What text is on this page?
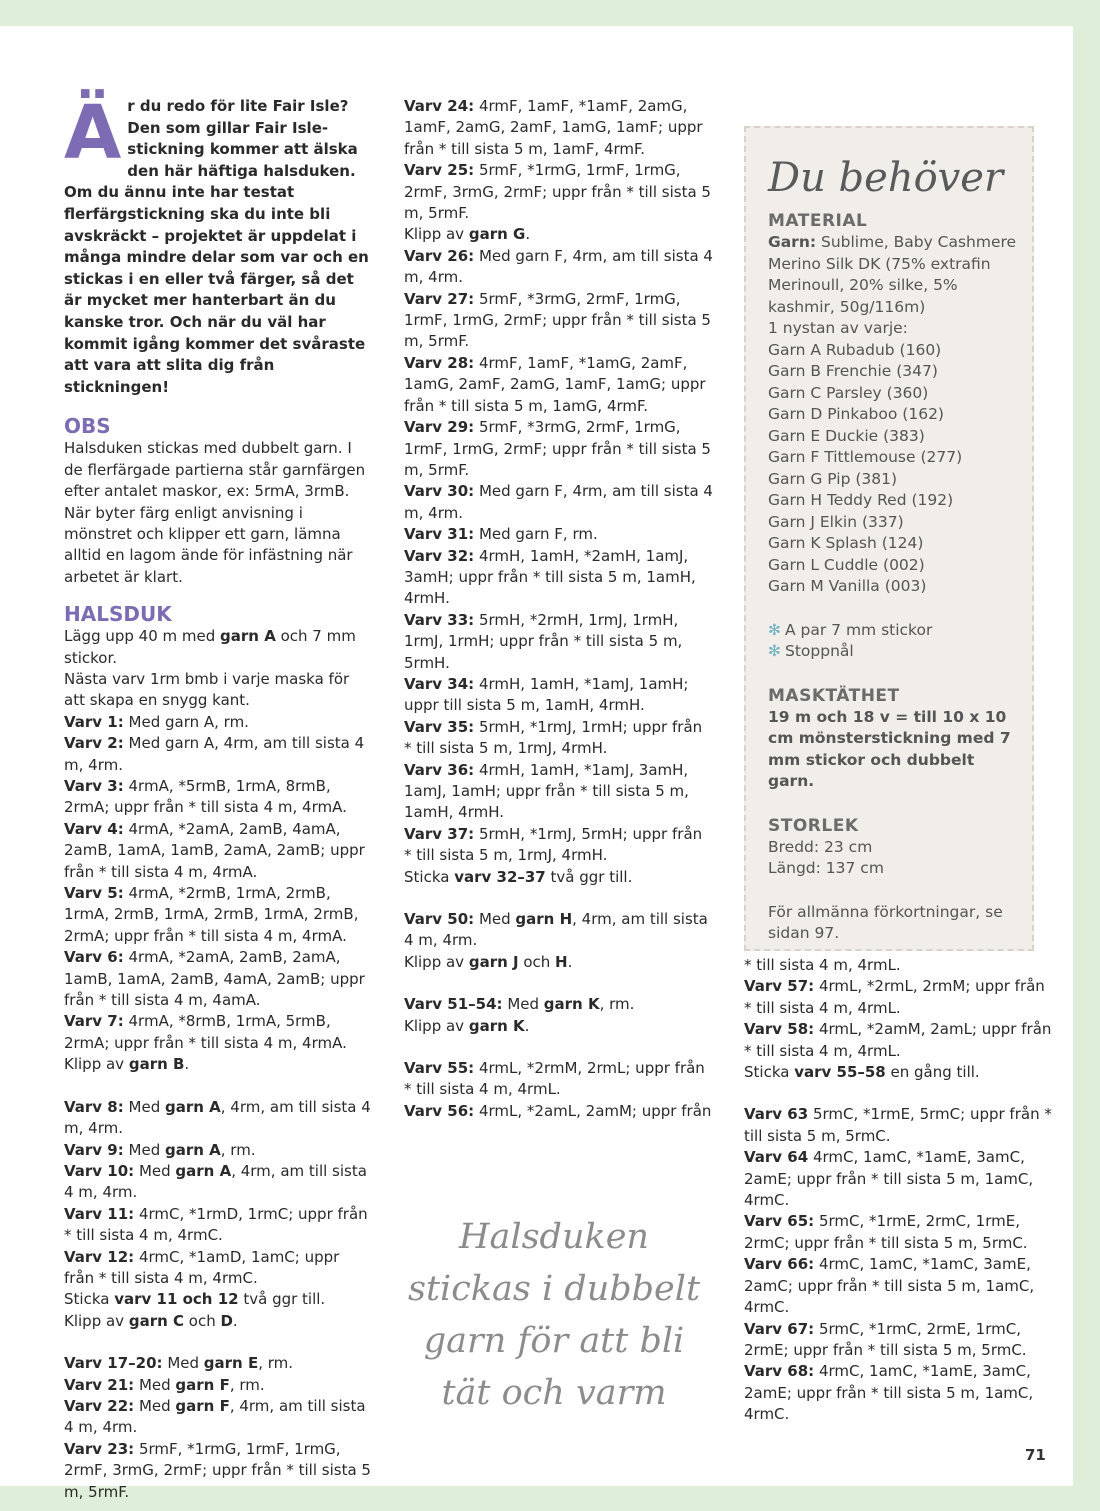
Är du redo för lite Fair Isle? Den som gillar Fair Isle-stickning kommer att älska den här häftiga halsduken. Om du ännu inte har testat flerfärgstickning ska du inte bli avskräckt – projektet är uppdelat i många mindre delar som var och en stickas i en eller två färger, så det är mycket mer hanterbart än du kanske tror. Och när du väl har kommit igång kommer det svåraste att vara att slita dig från stickningen!

OBS

Halsduken stickas med dubbelt garn. I de flerfärgade partierna står garnfärgen efter antalet maskor, ex: 5rmA, 3rmB.

När byter färg enligt anvisning i mönstret och klipper ett garn, lämna alltid en lagom ände för infästning när arbetet är klart.

HALSDUK

Lägg upp 40 m med garn A och 7 mm stickor.

Nästa varv 1rm bmb i varje maska för att skapa en snygg kant.

Varv 1: Med garn A, rm.

Varv 2: Med garn A, 4rm, am till sista 4 m, 4rm.

Varv 3: 4rmA, *5rmB, 1rmA, 8rmB, 2rmA; uppr från * till sista 4 m, 4rmA.

Varv 4: 4rmA, *2amA, 2amB, 4amA, 2amB, 1amA, 1amB, 2amA, 2amB; uppr från * till sista 4 m, 4rmA.

Varv 5: 4rmA, *2rmB, 1rmA, 2rmB, 1rmA, 2rmB, 1rmA, 2rmB, 1rmA, 2rmB, 2rmA; uppr från * till sista 4 m, 4rmA.

Varv 6: 4rmA, *2amA, 2amB, 2amA, 1amB, 1amA, 2amB, 4amA, 2amB; uppr från * till sista 4 m, 4amA.

Varv 7: 4rmA, *8rmB, 1rmA, 5rmB, 2rmA; uppr från * till sista 4 m, 4rmA.

Klipp av garn B.

Varv 8: Med garn A, 4rm, am till sista 4 m, 4rm.

Varv 9: Med garn A, rm.

Varv 10: Med garn A, 4rm, am till sista 4 m, 4rm.

Varv 11: 4rmC, *1rmD, 1rmC; uppr från * till sista 4 m, 4rmC.

Varv 12: 4rmC, *1amD, 1amC; uppr från * till sista 4 m, 4rmC.

Sticka varv 11 och 12 två ggr till.

Klipp av garn C och D.

Varv 17–20: Med garn E, rm.

Varv 21: Med garn F, rm.

Varv 22: Med garn F, 4rm, am till sista 4 m, 4rm.

Varv 23: 5rmF, *1rmG, 1rmF, 1rmG, 2rmF, 3rmG, 2rmF; uppr från * till sista 5 m, 5rmF.

Varv 24: 4rmF, 1amF, *1amF, 2amG, 1amF, 2amG, 2amF, 1amG, 1amF; uppr från * till sista 5 m, 1amF, 4rmF.

Varv 25: 5rmF, *1rmG, 1rmF, 1rmG, 2rmF, 3rmG, 2rmF; uppr från * till sista 5 m, 5rmF.

Klipp av garn G.

Varv 26: Med garn F, 4rm, am till sista 4 m, 4rm.

Varv 27: 5rmF, *3rmG, 2rmF, 1rmG, 1rmF, 1rmG, 2rmF; uppr från * till sista 5 m, 5rmF.

Varv 28: 4rmF, 1amF, *1amG, 2amF, 1amG, 2amF, 2amG, 1amF, 1amG; uppr från * till sista 5 m, 1amG, 4rmF.

Varv 29: 5rmF, *3rmG, 2rmF, 1rmG, 1rmF, 1rmG, 2rmF; uppr från * till sista 5 m, 5rmF.

Varv 30: Med garn F, 4rm, am till sista 4 m, 4rm.

Varv 31: Med garn F, rm.

Varv 32: 4rmH, 1amH, *2amH, 1amJ, 3amH; uppr från * till sista 5 m, 1amH, 4rmH.

Varv 33: 5rmH, *2rmH, 1rmJ, 1rmH, 1rmJ, 1rmH; uppr från * till sista 5 m, 5rmH.

Varv 34: 4rmH, 1amH, *1amJ, 1amH; uppr till sista 5 m, 1amH, 4rmH.

Varv 35: 5rmH, *1rmJ, 1rmH; uppr från * till sista 5 m, 1rmJ, 4rmH.

Varv 36: 4rmH, 1amH, *1amJ, 3amH, 1amJ, 1amH; uppr från * till sista 5 m, 1amH, 4rmH.

Varv 37: 5rmH, *1rmJ, 5rmH; uppr från * till sista 5 m, 1rmJ, 4rmH.

Sticka varv 32–37 två ggr till.

Varv 50: Med garn H, 4rm, am till sista 4 m, 4rm.

Klipp av garn J och H.

Varv 51–54: Med garn K, rm.

Klipp av garn K.

Varv 55: 4rmL, *2rmM, 2rmL; uppr från * till sista 4 m, 4rmL.

Varv 56: 4rmL, *2amL, 2amM; uppr från

Halsduken stickas i dubbelt garn för att bli tät och varm

Du behöver

MATERIAL

Garn: Sublime, Baby Cashmere Merino Silk DK (75% extrafin Merinoull, 20% silke, 5% kashmir, 50g/116m)

1 nystan av varje:

Garn A Rubadub (160)
Garn B Frenchie (347)
Garn C Parsley (360)
Garn D Pinkaboo (162)
Garn E Duckie (383)
Garn F Tittlemouse (277)
Garn G Pip (381)
Garn H Teddy Red (192)
Garn J Elkin (337)
Garn K Splash (124)
Garn L Cuddle (002)
Garn M Vanilla (003)
✻ A par 7 mm stickor
✻ Stoppnål

MASKTÄTHET

19 m och 18 v = till 10 x 10 cm mönsterstickning med 7 mm stickor och dubbelt garn.

STORLEK

Bredd: 23 cm

Längd: 137 cm

För allmänna förkortningar, se sidan 97.

* till sista 4 m, 4rmL.

Varv 57: 4rmL, *2rmL, 2rmM; uppr från * till sista 4 m, 4rmL.

Varv 58: 4rmL, *2amM, 2amL; uppr från * till sista 4 m, 4rmL.

Sticka varv 55–58 en gång till.

Varv 63 5rmC, *1rmE, 5rmC; uppr från * till sista 5 m, 5rmC.

Varv 64 4rmC, 1amC, *1amE, 3amC, 2amE; uppr från * till sista 5 m, 1amC, 4rmC.

Varv 65: 5rmC, *1rmE, 2rmC, 1rmE, 2rmC; uppr från * till sista 5 m, 5rmC.

Varv 66: 4rmC, 1amC, *1amC, 3amE, 2amC; uppr från * till sista 5 m, 1amC, 4rmC.

Varv 67: 5rmC, *1rmC, 2rmE, 1rmC, 2rmE; uppr från * till sista 5 m, 5rmC.

Varv 68: 4rmC, 1amC, *1amE, 3amC, 2amE; uppr från * till sista 5 m, 1amC, 4rmC.

71
